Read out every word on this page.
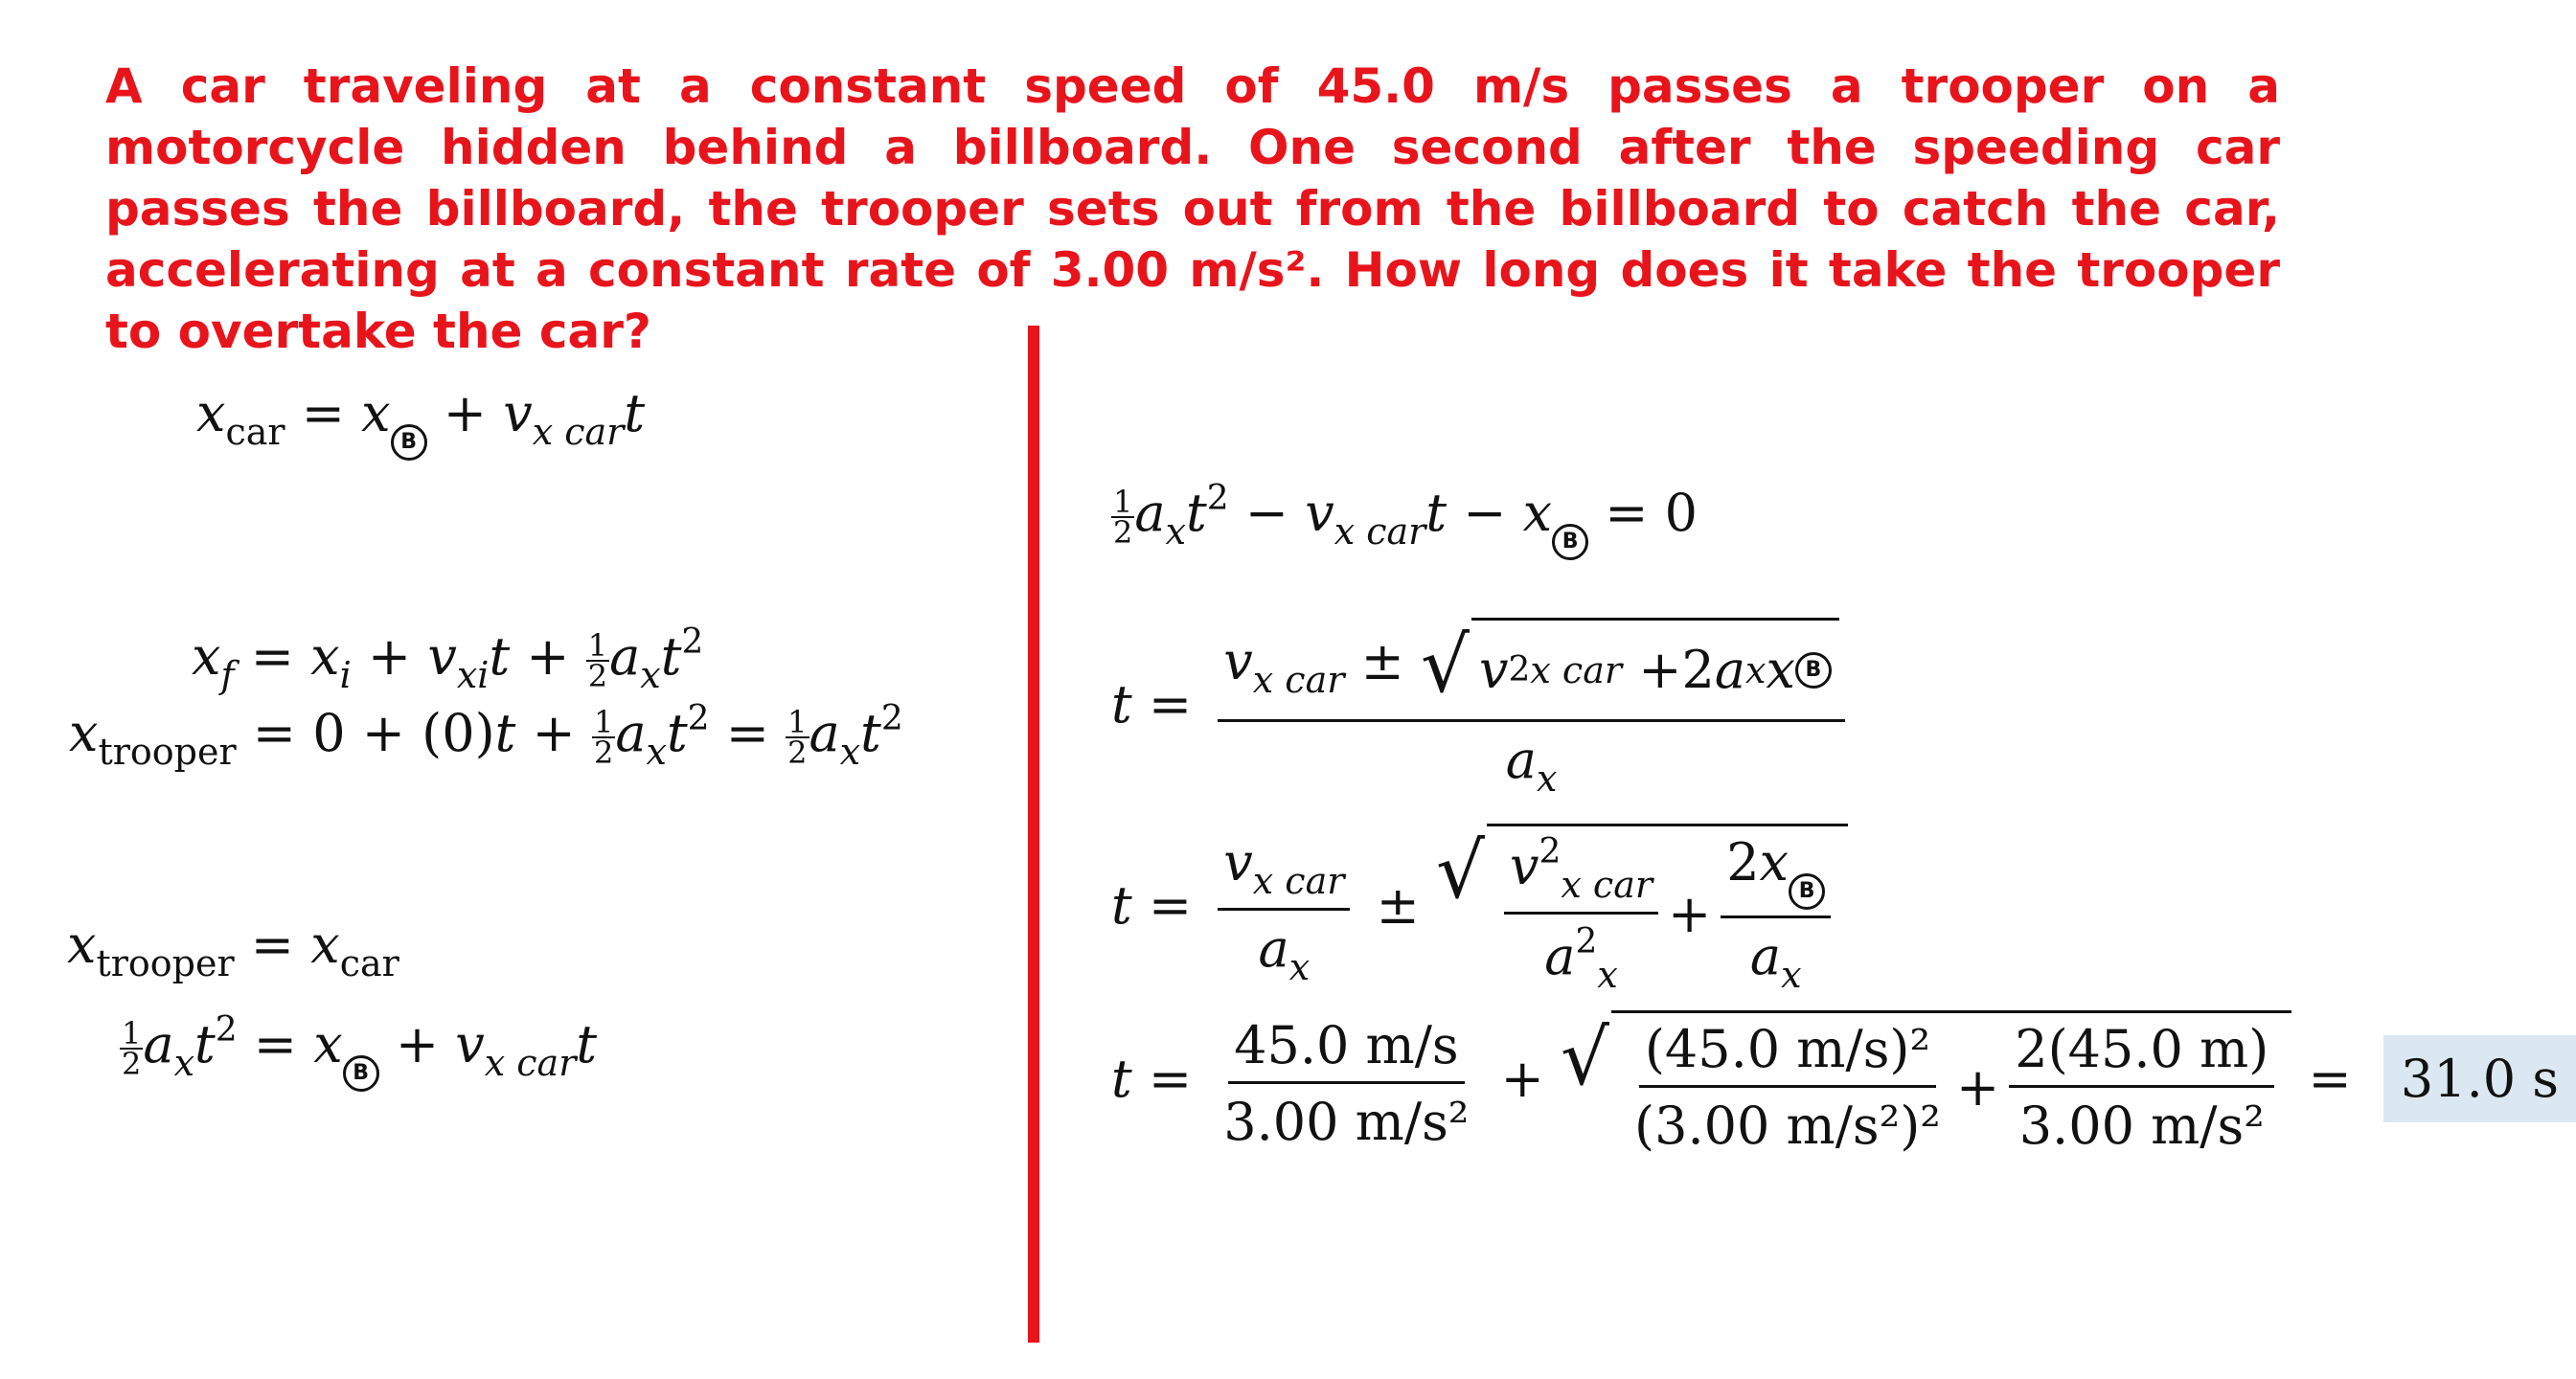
A car traveling at a constant speed of 45.0 m/s passes a trooper on a motorcycle hidden behind a billboard. One second after the speeding car passes the billboard, the trooper sets out from the billboard to catch the car, accelerating at a constant rate of 3.00 m/s². How long does it take the trooper to overtake the car?
$x_{car} = x$ $B + v_{x car}t$
$x_f = x_i + v_{xi}t + \frac{1}{2} a_xt^2$
$x_{trooper} = 0 + (0)t + \frac{1}{2} a_xt^2 = \frac{1}{2} a_xt^2$
$x_{trooper} = x_{car}$
$\frac{1}{2} a_xt^2 = x$ $B + v_{x car}t$
$\frac{1}{2} a_xt^2 - v_{x car}t - x$ B = 0
$t = \frac{v_{x car} \pm √ v 2 x car + 2 a x x B}{a_x}$
$t = \frac{v_{x car}}{a_x}$ ± √ $\frac{v^2_{x car}}{a^2_x} + \frac{\text{2x B}}{a_x}$
$t = \frac{45.0 m/s}{\text{3.00 m/s²}}$ + √ $\frac{\text{(45.0 m/s)²}}{\text{(3.00 m/s²)²}} + \frac{2(45.0 m)}{\text{3.00 m/s²}} = 31.0$ s
